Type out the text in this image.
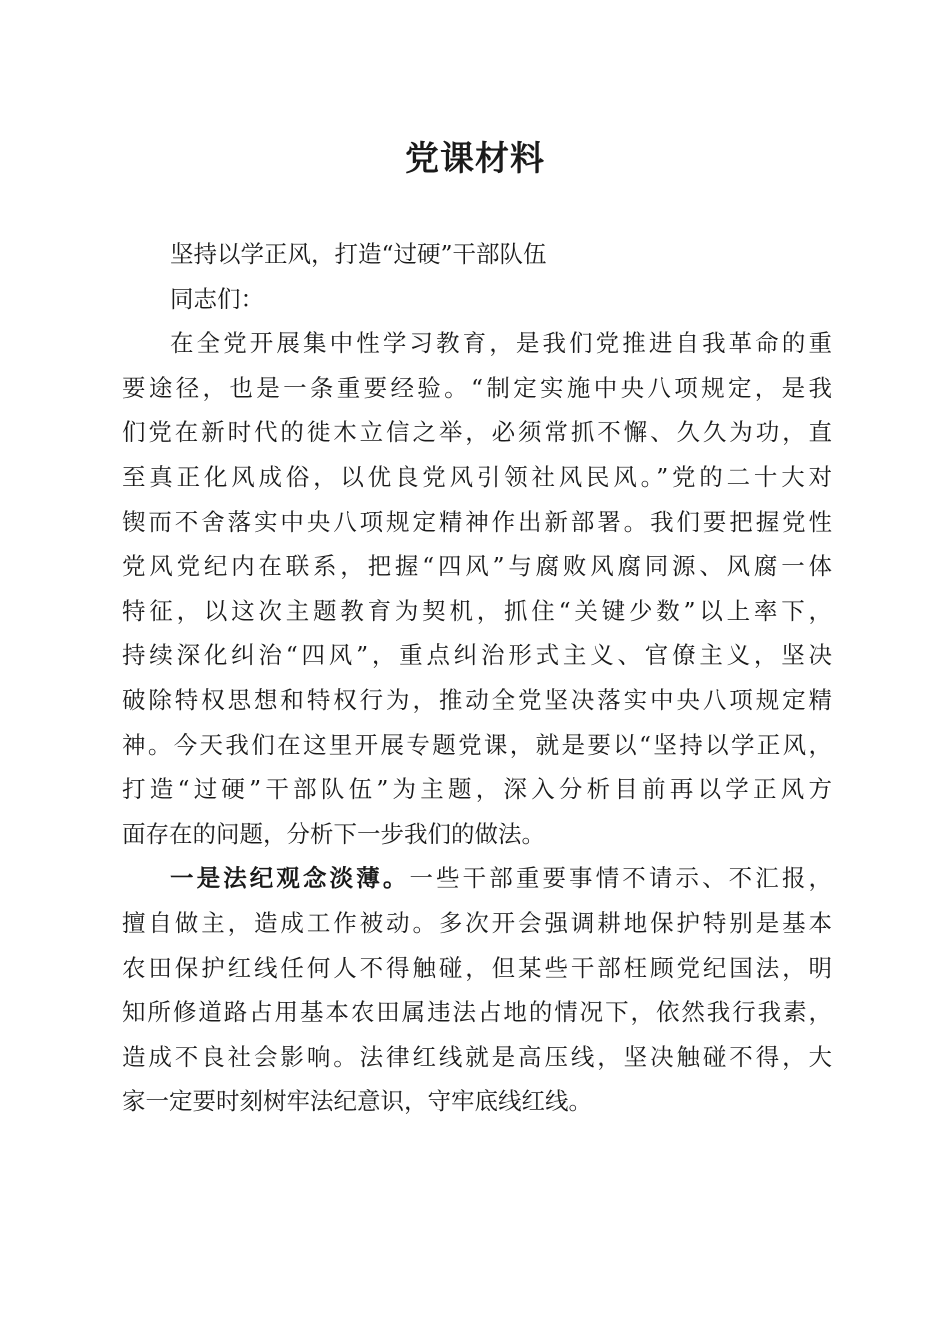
党课材料
坚持以学正风，打造“过硬”干部队伍
同志们：
在全党开展集中性学习教育，是我们党推进自我革命的重
要途径，也是一条重要经验。“制定实施中央八项规定，是我
们党在新时代的徙木立信之举，必须常抓不懈、久久为功，直
至真正化风成俗，以优良党风引领社风民风。”党的二十大对
锲而不舍落实中央八项规定精神作出新部署。我们要把握党性
党风党纪内在联系，把握“四风”与腐败风腐同源、风腐一体
特征，以这次主题教育为契机，抓住“关键少数”以上率下，
持续深化纠治“四风”，重点纠治形式主义、官僚主义，坚决
破除特权思想和特权行为，推动全党坚决落实中央八项规定精
神。今天我们在这里开展专题党课，就是要以“坚持以学正风，
打造“过硬”干部队伍”为主题，深入分析目前再以学正风方
面存在的问题，分析下一步我们的做法。
一是法纪观念淡薄。一些干部重要事情不请示、不汇报，
擅自做主，造成工作被动。多次开会强调耕地保护特别是基本
农田保护红线任何人不得触碰，但某些干部枉顾党纪国法，明
知所修道路占用基本农田属违法占地的情况下，依然我行我素，
造成不良社会影响。法律红线就是高压线，坚决触碰不得，大
家一定要时刻树牢法纪意识，守牢底线红线。
